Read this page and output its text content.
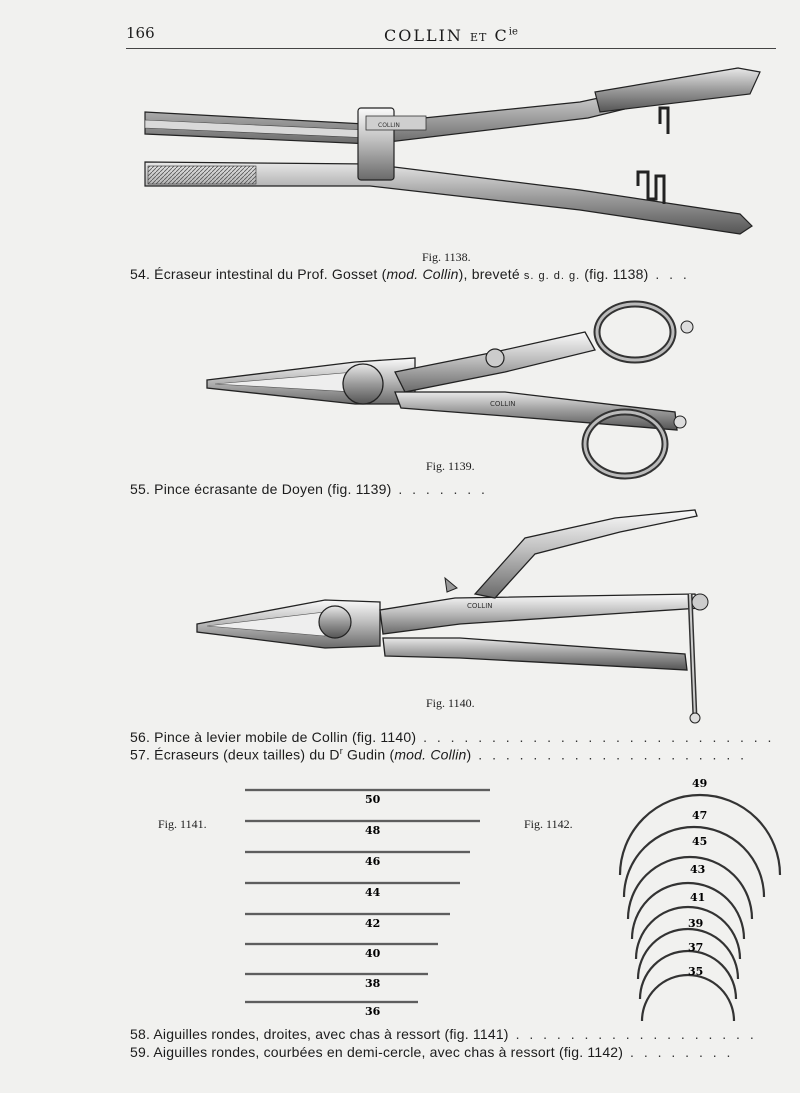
166	COLLIN ET $C^{ie}$
COLLIN
Fig. 1138.
54. Écraseur intestinal du Prof. Gosset (mod. Collin), breveté s. g. d. g. (fig. 1138) . . .
COLLIN
Fig. 1139.
55. Pince écrasante de Doyen (fig. 1139) . . . . . . .
COLLIN
Fig. 1140.
56. Pince à levier mobile de Collin (fig. 1140) . . . . . . . . . . . . . . . . . . . . . . . . . .
57. Écraseurs (deux tailles) du $D^r$ Gudin (mod. Collin) . . . . . . . . . . . . . . . . . . . .
Fig. 1141.
50
48
46
44
42
40
38
36
Fig. 1142.
49
47
45
43
41
39
37
35
58. Aiguilles rondes, droites, avec chas à ressort (fig. 1141) . . . . . . . . . . . . . . . . . .
59. Aiguilles rondes, courbées en demi-cercle, avec chas à ressort (fig. 1142) . . . . . . . .
